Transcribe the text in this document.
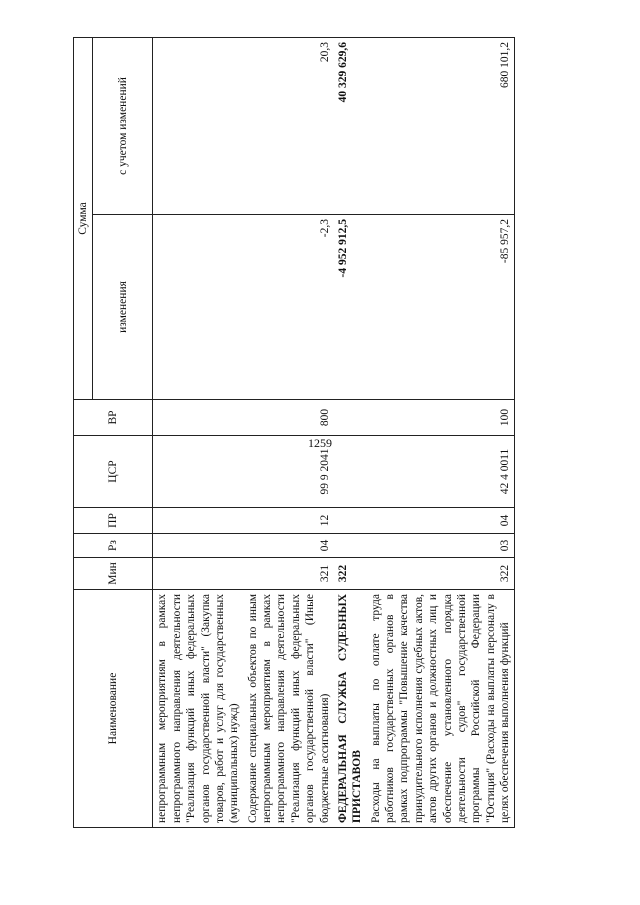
1259
Наименование	Мин	Рз	ПР	ЦСР	ВР	Сумма	
						изменения	с учетом изменений
непрограммным мероприятиям в рамках непрограммного направления деятельности "Реализация функций иных федеральных органов государственной власти" (Закупка товаров, работ и услуг для государственных (муниципальных) нужд)							
Содержание специальных объектов по иным непрограммным мероприятиям в рамках непрограммного направления деятельности "Реализация функций иных федеральных органов государственной власти" (Иные бюджетные ассигнования)	321	04	12	99 9 2041	800	-2,3	20,3
ФЕДЕРАЛЬНАЯ СЛУЖБА СУДЕБНЫХ ПРИСТАВОВ	322					-4 952 912,5	40 329 629,6
Расходы на выплаты по оплате труда работников государственных органов в рамках подпрограммы "Повышение качества принудительного исполнения судебных актов, актов других органов и должностных лиц и обеспечение установленного порядка деятельности судов" государственной программы Российской Федерации "Юстиция" (Расходы на выплаты персоналу в целях обеспечения выполнения функций	322	03	04	42 4 0011	100	-85 957,2	680 101,2
